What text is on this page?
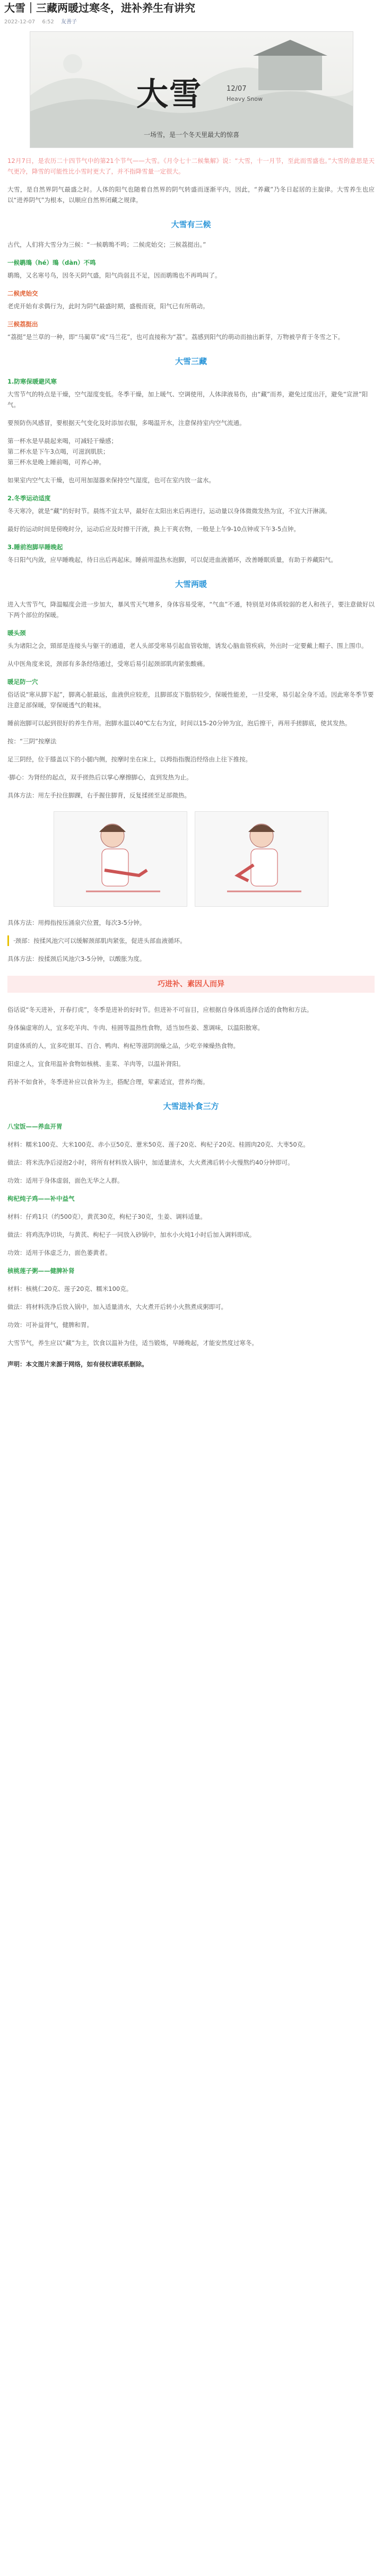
大雪｜三藏两暖过寒冬，进补养生有讲究
2022-12-07 6:52 友善子
大雪	12/07
Heavy Snow
一场雪，是一个冬天里最大的惊喜

12月7日，是农历二十四节气中的第21个节气——大雪。《月令七十二候集解》说：“大雪，十一月节，至此而雪盛也。”大雪的意思是天气更冷，降雪的可能性比小雪时更大了，并不指降雪量一定很大。

大雪，是自然界阴气最盛之时。人体的阳气也随着自然界的阴气转盛而逐渐平内，因此，“养藏”乃冬日起居的主旋律。大雪养生也应以“进养阴气”为根本，以顺应自然界闭藏之规律。

大雪有三候

古代，人们将大雪分为三候：“一候鹖鴠不鸣；二候虎始交；三候荔挺出。”

一候鹖鴠（hé）鴠（dàn）不鸣
鹖鴠，又名寒号鸟，因冬天阴气盛，阳气尚弱且不足，因而鹖鴠也不再鸣叫了。
二候虎始交
老虎开始有求偶行为，此时为阴气最盛时期，盛极而衰，阳气已有所萌动。
三候荔挺出
“荔挺”是兰草的一种，即“马蔺草”或“马兰花”，也可直接称为“荔”。荔感到阳气的萌动而抽出新芽，万物被孕育于冬雪之下。
大雪三藏
1.防寒保暖避风寒
大雪节气的特点是干燥，空气湿度变低。冬季干燥，加上暖气、空调使用，人体津液易伤，由“藏”而养，避免过度出汗，避免“宣泄”阳气。

要预防伤风感冒，要根据天气变化及时添加衣服，多喝温开水，注意保持室内空气流通。

第一杯水是早晨起来喝，可减轻干燥感；
第二杯水是下午3点喝，可滋润肌肤；
第三杯水是晚上睡前喝，可养心神。

如果室内空气太干燥，也可用加湿器来保持空气湿度，也可在室内放一盆水。

2.冬季运动适度
冬天寒冷，就是“藏”的好时节。晨练不宜太早，最好在太阳出来后再进行。运动量以身体微微发热为宜，不宜大汗淋漓。

最好的运动时间是傍晚时分，运动后应及时擦干汗液，换上干爽衣物，一般是上午9-10点钟或下午3-5点钟。

3.睡前泡脚早睡晚起
冬日阳气内敛，应早睡晚起，待日出后再起床。睡前用温热水泡脚，可以促进血液循环，改善睡眠质量，有助于养藏阳气。
大雪两暖

进入大雪节气，降温幅度会进一步加大，暴风雪天气增多，身体容易受寒，“气血”不通，特别是对体质较弱的老人和孩子，要注意做好以下两个部位的保暖。

暖头颈
头为诸阳之会，頸部是连接头与躯干的通道，老人头部受寒易引起血管收缩，诱发心脑血管疾病，外出时一定要戴上帽子、围上围巾。

从中医角度来说，颈部有多条经络通过，受寒后易引起颈部肌肉紧张酸痛。

暖足防一穴
俗话说“寒从脚下起”，脚离心脏最远，血液供应较差，且脚部皮下脂肪较少，保暖性能差，一旦受寒，易引起全身不适。因此寒冬季节要注意足部保暖，穿保暖透气的鞋袜。

睡前泡脚可以起到很好的养生作用。泡脚水温以40℃左右为宜，时间以15-20分钟为宜，泡后擦干，再用手搓脚底，使其发热。

按：“三阴”按摩法

足三阴经，位于膝盖以下的小腿内侧，按摩时坐在床上，以拇指指腹沿经络由上往下推按。

·脚心：为肾经的起点，双手搓热后以掌心摩擦脚心，直到发热为止。

具体方法：用左手拉住脚踝，右手握住脚背，反复揉搓至足部微热。

具体方法：用拇指按压涌泉穴位置，每次3-5分钟。

·颈部：按揉风池穴可以缓解颈部肌肉紧张，促进头部血液循环。

具体方法：按揉颈后风池穴3-5分钟，以酸胀为度。

巧进补、素因人而异

俗话说“冬天进补，开春打虎”，冬季是进补的好时节。但进补不可盲目，应根据自身体质选择合适的食物和方法。

身体偏虚寒的人，宜多吃羊肉、牛肉、桂圆等温热性食物，适当加些姜、葱调味，以温阳散寒。

阴虚体质的人，宜多吃银耳、百合、鸭肉、枸杞等滋阴润燥之品，少吃辛辣燥热食物。

阳虚之人，宜食用温补食物如核桃、韭菜、羊肉等，以温补肾阳。

药补不如食补，冬季进补应以食补为主，搭配合理，荤素适宜，营养均衡。

大雪进补食三方
八宝饭——养血开胃

材料：糯米100克、大米100克、赤小豆50克、薏米50克、莲子20克、枸杞子20克、桂圆肉20克、大枣50克。

做法：将米洗净后浸泡2小时，将所有材料放入锅中，加适量清水，大火煮沸后转小火慢熬约40分钟即可。

功效：适用于身体虚弱，面色无华之人群。

枸杞炖子鸡——补中益气

材料：仔鸡1只（约500克），黄芪30克，枸杞子30克，生姜、调料适量。

做法：将鸡洗净切块，与黄芪、枸杞子一同放入砂锅中，加水小火炖1小时后加入调料即成。

功效：适用于体虚乏力，面色萎黄者。

核桃莲子粥——健脾补肾

材料：核桃仁20克、莲子20克、糯米100克。

做法：将材料洗净后放入锅中，加入适量清水，大火煮开后转小火熬煮成粥即可。

功效：可补益肾气，健脾和胃。

大雪节气，养生应以“藏”为主，饮食以温补为佳，适当锻炼，早睡晚起，才能安然度过寒冬。

声明：本文图片来源于网络，如有侵权请联系删除。
